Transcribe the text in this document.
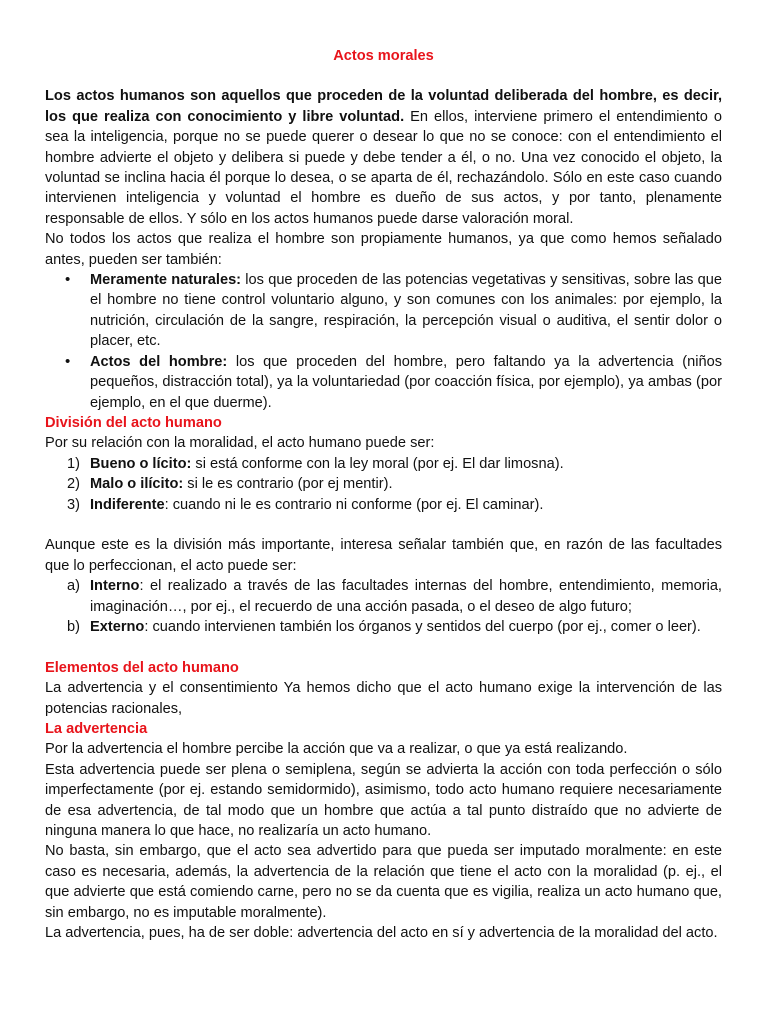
Actos morales

Los actos humanos son aquellos que proceden de la voluntad deliberada del hombre, es decir, los que realiza con conocimiento y libre voluntad. En ellos, interviene primero el entendimiento o sea la inteligencia, porque no se puede querer o desear lo que no se conoce: con el entendimiento el hombre advierte el objeto y delibera si puede y debe tender a él, o no. Una vez conocido el objeto, la voluntad se inclina hacia él porque lo desea, o se aparta de él, rechazándolo. Sólo en este caso cuando intervienen inteligencia y voluntad el hombre es dueño de sus actos, y por tanto, plenamente responsable de ellos. Y sólo en los actos humanos puede darse valoración moral.

No todos los actos que realiza el hombre son propiamente humanos, ya que como hemos señalado antes, pueden ser también:

• Meramente naturales: los que proceden de las potencias vegetativas y sensitivas, sobre las que el hombre no tiene control voluntario alguno, y son comunes con los animales: por ejemplo, la nutrición, circulación de la sangre, respiración, la percepción visual o auditiva, el sentir dolor o placer, etc.
• Actos del hombre: los que proceden del hombre, pero faltando ya la advertencia (niños pequeños, distracción total), ya la voluntariedad (por coacción física, por ejemplo), ya ambas (por ejemplo, en el que duerme).

División del acto humano

Por su relación con la moralidad, el acto humano puede ser:

1) Bueno o lícito: si está conforme con la ley moral (por ej. El dar limosna).
2) Malo o ilícito: si le es contrario (por ej mentir).
3) Indiferente: cuando ni le es contrario ni conforme (por ej. El caminar).

Aunque este es la división más importante, interesa señalar también que, en razón de las facultades que lo perfeccionan, el acto puede ser:

a) Interno: el realizado a través de las facultades internas del hombre, entendimiento, memoria, imaginación…, por ej., el recuerdo de una acción pasada, o el deseo de algo futuro;
b) Externo: cuando intervienen también los órganos y sentidos del cuerpo (por ej., comer o leer).

Elementos del acto humano

La advertencia y el consentimiento Ya hemos dicho que el acto humano exige la intervención de las potencias racionales,

La advertencia

Por la advertencia el hombre percibe la acción que va a realizar, o que ya está realizando.

Esta advertencia puede ser plena o semiplena, según se advierta la acción con toda perfección o sólo imperfectamente (por ej. estando semidormido), asimismo, todo acto humano requiere necesariamente de esa advertencia, de tal modo que un hombre que actúa a tal punto distraído que no advierte de ninguna manera lo que hace, no realizaría un acto humano.

No basta, sin embargo, que el acto sea advertido para que pueda ser imputado moralmente: en este caso es necesaria, además, la advertencia de la relación que tiene el acto con la moralidad (p. ej., el que advierte que está comiendo carne, pero no se da cuenta que es vigilia, realiza un acto humano que, sin embargo, no es imputable moralmente).

La advertencia, pues, ha de ser doble: advertencia del acto en sí y advertencia de la moralidad del acto.
